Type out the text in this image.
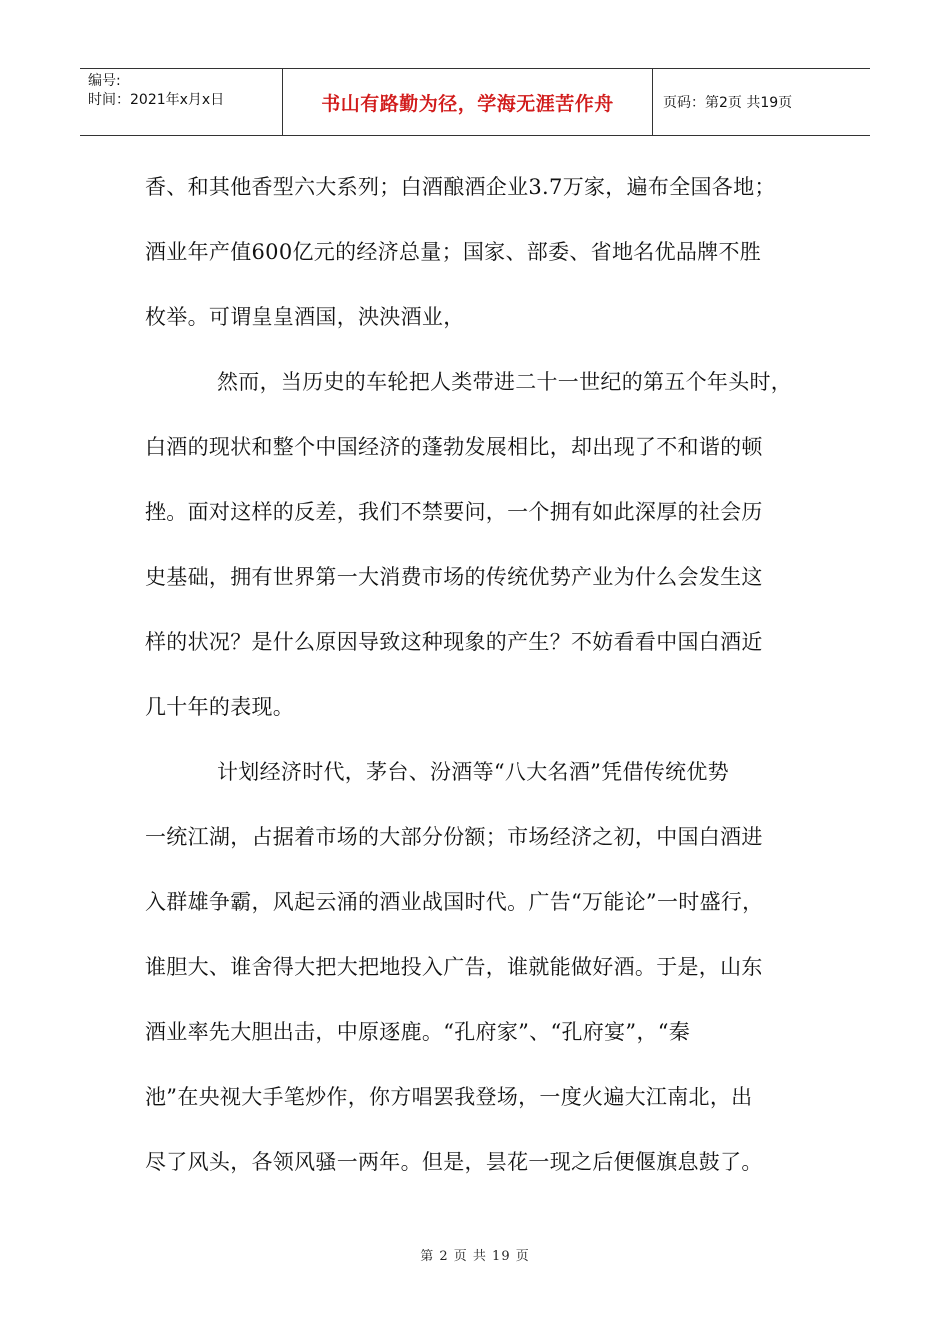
编号:
时间：2021年x月x日	书山有路勤为径，学海无涯苦作舟	页码：第2页 共19页
香、和其他香型六大系列；白酒酿酒企业3.7万家，遍布全国各地；
酒业年产值600亿元的经济总量；国家、部委、省地名优品牌不胜
枚举。可谓皇皇酒国，泱泱酒业，
然而，当历史的车轮把人类带进二十一世纪的第五个年头时，
白酒的现状和整个中国经济的蓬勃发展相比，却出现了不和谐的顿
挫。面对这样的反差，我们不禁要问，一个拥有如此深厚的社会历
史基础，拥有世界第一大消费市场的传统优势产业为什么会发生这
样的状况？是什么原因导致这种现象的产生？不妨看看中国白酒近
几十年的表现。
计划经济时代，茅台、汾酒等“八大名酒”凭借传统优势
一统江湖，占据着市场的大部分份额；市场经济之初，中国白酒进
入群雄争霸，风起云涌的酒业战国时代。广告“万能论”一时盛行，
谁胆大、谁舍得大把大把地投入广告，谁就能做好酒。于是，山东
酒业率先大胆出击，中原逐鹿。“孔府家”、“孔府宴”，“秦
池”在央视大手笔炒作，你方唱罢我登场，一度火遍大江南北，出
尽了风头，各领风骚一两年。但是，昙花一现之后便偃旗息鼓了。
第 2 页 共 19 页
